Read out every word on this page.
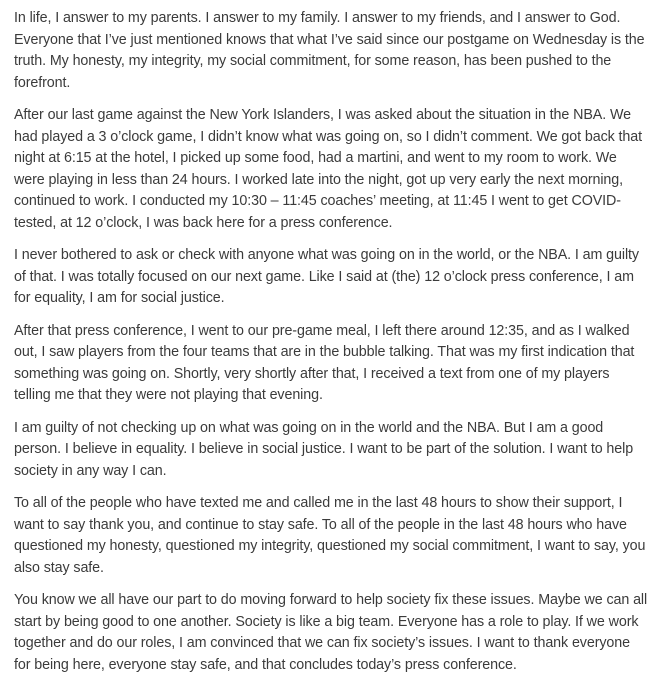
In life, I answer to my parents. I answer to my family. I answer to my friends, and I answer to God. Everyone that I’ve just mentioned knows that what I’ve said since our postgame on Wednesday is the truth. My honesty, my integrity, my social commitment, for some reason, has been pushed to the forefront.

After our last game against the New York Islanders, I was asked about the situation in the NBA. We had played a 3 o’clock game, I didn’t know what was going on, so I didn’t comment. We got back that night at 6:15 at the hotel, I picked up some food, had a martini, and went to my room to work. We were playing in less than 24 hours. I worked late into the night, got up very early the next morning, continued to work. I conducted my 10:30 – 11:45 coaches’ meeting, at 11:45 I went to get COVID-tested, at 12 o’clock, I was back here for a press conference.

I never bothered to ask or check with anyone what was going on in the world, or the NBA. I am guilty of that. I was totally focused on our next game. Like I said at (the) 12 o’clock press conference, I am for equality, I am for social justice.

After that press conference, I went to our pre-game meal, I left there around 12:35, and as I walked out, I saw players from the four teams that are in the bubble talking. That was my first indication that something was going on. Shortly, very shortly after that, I received a text from one of my players telling me that they were not playing that evening.

I am guilty of not checking up on what was going on in the world and the NBA. But I am a good person. I believe in equality. I believe in social justice. I want to be part of the solution. I want to help society in any way I can.

To all of the people who have texted me and called me in the last 48 hours to show their support, I want to say thank you, and continue to stay safe. To all of the people in the last 48 hours who have questioned my honesty, questioned my integrity, questioned my social commitment, I want to say, you also stay safe.

You know we all have our part to do moving forward to help society fix these issues. Maybe we can all start by being good to one another. Society is like a big team. Everyone has a role to play. If we work together and do our roles, I am convinced that we can fix society’s issues. I want to thank everyone for being here, everyone stay safe, and that concludes today’s press conference.
